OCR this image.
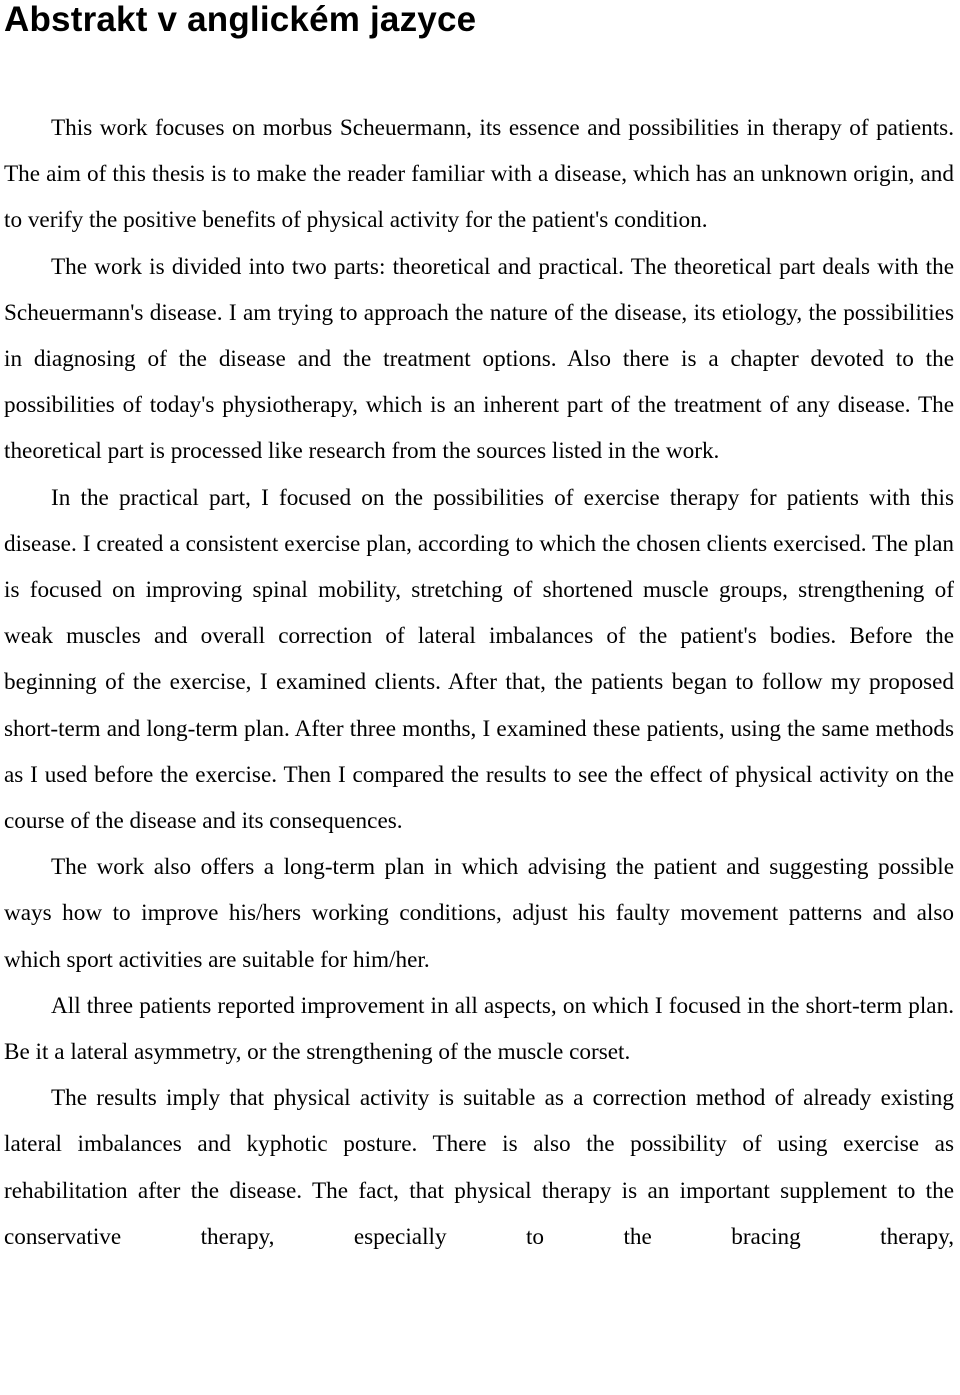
Abstrakt v anglickém jazyce

This work focuses on morbus Scheuermann, its essence and possibilities in therapy of patients. The aim of this thesis is to make the reader familiar with a disease, which has an unknown origin, and to verify the positive benefits of physical activity for the patient's condition.

The work is divided into two parts: theoretical and practical. The theoretical part deals with the Scheuermann's disease. I am trying to approach the nature of the disease, its etiology, the possibilities in diagnosing of the disease and the treatment options. Also there is a chapter devoted to the possibilities of today's physiotherapy, which is an inherent part of the treatment of any disease. The theoretical part is processed like research from the sources listed in the work.

In the practical part, I focused on the possibilities of exercise therapy for patients with this disease. I created a consistent exercise plan, according to which the chosen clients exercised. The plan is focused on improving spinal mobility, stretching of shortened muscle groups, strengthening of weak muscles and overall correction of lateral imbalances of the patient's bodies. Before the beginning of the exercise, I examined clients. After that, the patients began to follow my proposed short-term and long-term plan. After three months, I examined these patients, using the same methods as I used before the exercise. Then I compared the results to see the effect of physical activity on the course of the disease and its consequences.

The work also offers a long-term plan in which advising the patient and suggesting possible ways how to improve his/hers working conditions, adjust his faulty movement patterns and also which sport activities are suitable for him/her.

All three patients reported improvement in all aspects, on which I focused in the short-term plan. Be it a lateral asymmetry, or the strengthening of the muscle corset.

The results imply that physical activity is suitable as a correction method of already existing lateral imbalances and kyphotic posture. There is also the possibility of using exercise as rehabilitation after the disease. The fact, that physical therapy is an important supplement to the conservative therapy, especially to the bracing therapy,
